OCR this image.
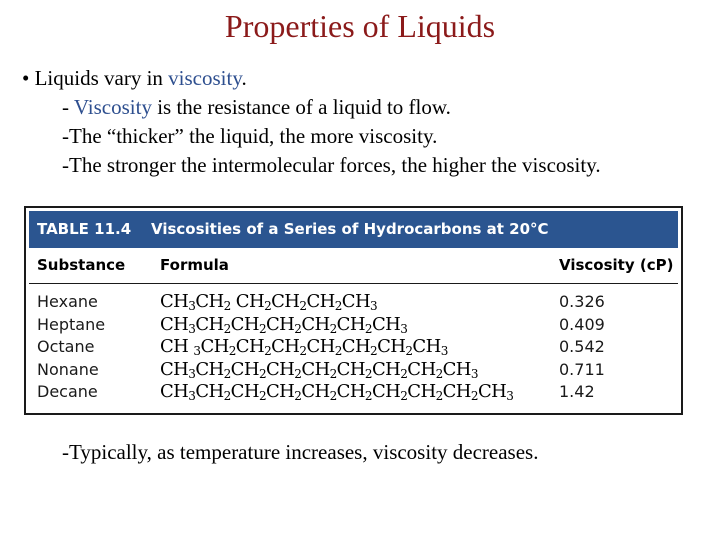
Properties of Liquids
• Liquids vary in viscosity.
- Viscosity is the resistance of a liquid to flow.
-The “thicker” the liquid, the more viscosity.
-The stronger the intermolecular forces, the higher the viscosity.
TABLE 11.4 Viscosities of a Series of Hydrocarbons at 20°C
Substance Formula	Viscosity (cP)
Hexane	$CH_3CH_2$ $CH_2CH_2CH_2CH_3$	0.326
Heptane	$CH_3CH_2CH_2CH_2CH_2CH_2CH_3$	0.409
Octane	CH $_3CH_2CH_2CH_2CH_2CH_2CH_2CH_3$	0.542
Nonane	$CH_3CH_2CH_2CH_2CH_2CH_2CH_2CH_2CH_3$	0.711
Decane	$CH_3CH_2CH_2CH_2CH_2CH_2CH_2CH_2CH_2CH_3$	1.42
-Typically, as temperature increases, viscosity decreases.
